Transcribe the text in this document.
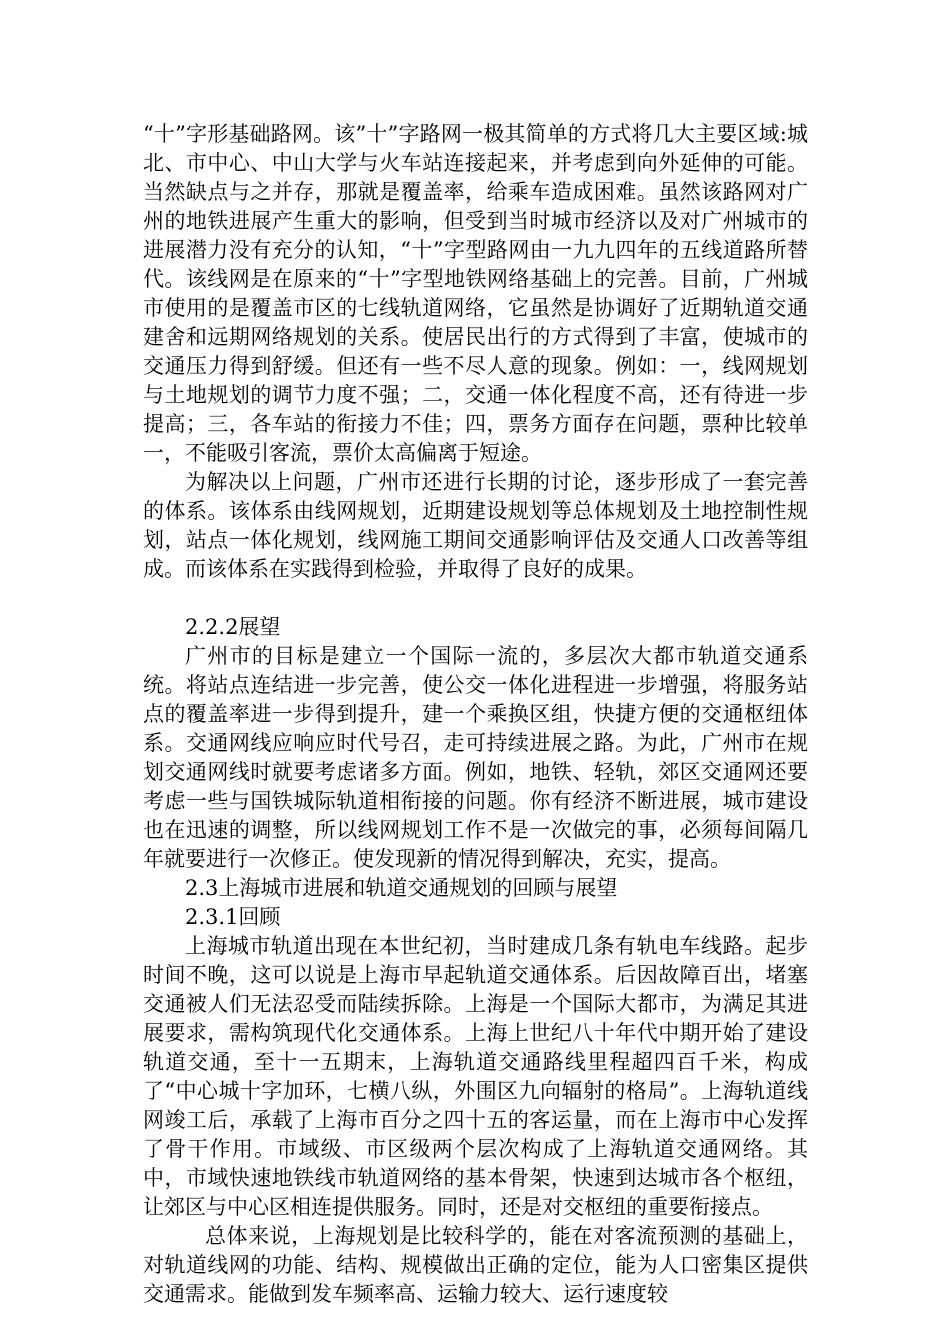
“十”字形基础路网。该”十”字路网一极其简单的方式将几大主要区域:城北、市中心、中山大学与火车站连接起来，并考虑到向外延伸的可能。当然缺点与之并存，那就是覆盖率，给乘车造成困难。虽然该路网对广州的地铁进展产生重大的影响，但受到当时城市经济以及对广州城市的进展潜力没有充分的认知，“十”字型路网由一九九四年的五线道路所替代。该线网是在原来的“十”字型地铁网络基础上的完善。目前，广州城市使用的是覆盖市区的七线轨道网络，它虽然是协调好了近期轨道交通建舍和远期网络规划的关系。使居民出行的方式得到了丰富，使城市的交通压力得到舒缓。但还有一些不尽人意的现象。例如：一，线网规划与土地规划的调节力度不强；二，交通一体化程度不高，还有待进一步提高；三，各车站的衔接力不佳；四，票务方面存在问题，票种比较单一，不能吸引客流，票价太高偏离于短途。

为解决以上问题，广州市还进行长期的讨论，逐步形成了一套完善的体系。该体系由线网规划，近期建设规划等总体规划及土地控制性规划，站点一体化规划，线网施工期间交通影响评估及交通人口改善等组成。而该体系在实践得到检验，并取得了良好的成果。

2.2.2展望

广州市的目标是建立一个国际一流的，多层次大都市轨道交通系统。将站点连结进一步完善，使公交一体化进程进一步增强，将服务站点的覆盖率进一步得到提升，建一个乘换区组，快捷方便的交通枢纽体系。交通网线应响应时代号召，走可持续进展之路。为此，广州市在规划交通网线时就要考虑诸多方面。例如，地铁、轻轨，郊区交通网还要考虑一些与国铁城际轨道相衔接的问题。你有经济不断进展，城市建设也在迅速的调整，所以线网规划工作不是一次做完的事，必须每间隔几年就要进行一次修正。使发现新的情况得到解决，充实，提高。

2.3上海城市进展和轨道交通规划的回顾与展望

2.3.1回顾

上海城市轨道出现在本世纪初，当时建成几条有轨电车线路。起步时间不晚，这可以说是上海市早起轨道交通体系。后因故障百出，堵塞交通被人们无法忍受而陆续拆除。上海是一个国际大都市，为满足其进展要求，需构筑现代化交通体系。上海上世纪八十年代中期开始了建设轨道交通，至十一五期末，上海轨道交通路线里程超四百千米，构成了“中心城十字加环，七横八纵，外围区九向辐射的格局”。上海轨道线网竣工后，承载了上海市百分之四十五的客运量，而在上海市中心发挥了骨干作用。市域级、市区级两个层次构成了上海轨道交通网络。其中，市域快速地铁线市轨道网络的基本骨架，快速到达城市各个枢纽，让郊区与中心区相连提供服务。同时，还是对交枢纽的重要衔接点。

总体来说，上海规划是比较科学的，能在对客流预测的基础上，对轨道线网的功能、结构、规模做出正确的定位，能为人口密集区提供交通需求。能做到发车频率高、运输力较大、运行速度较
